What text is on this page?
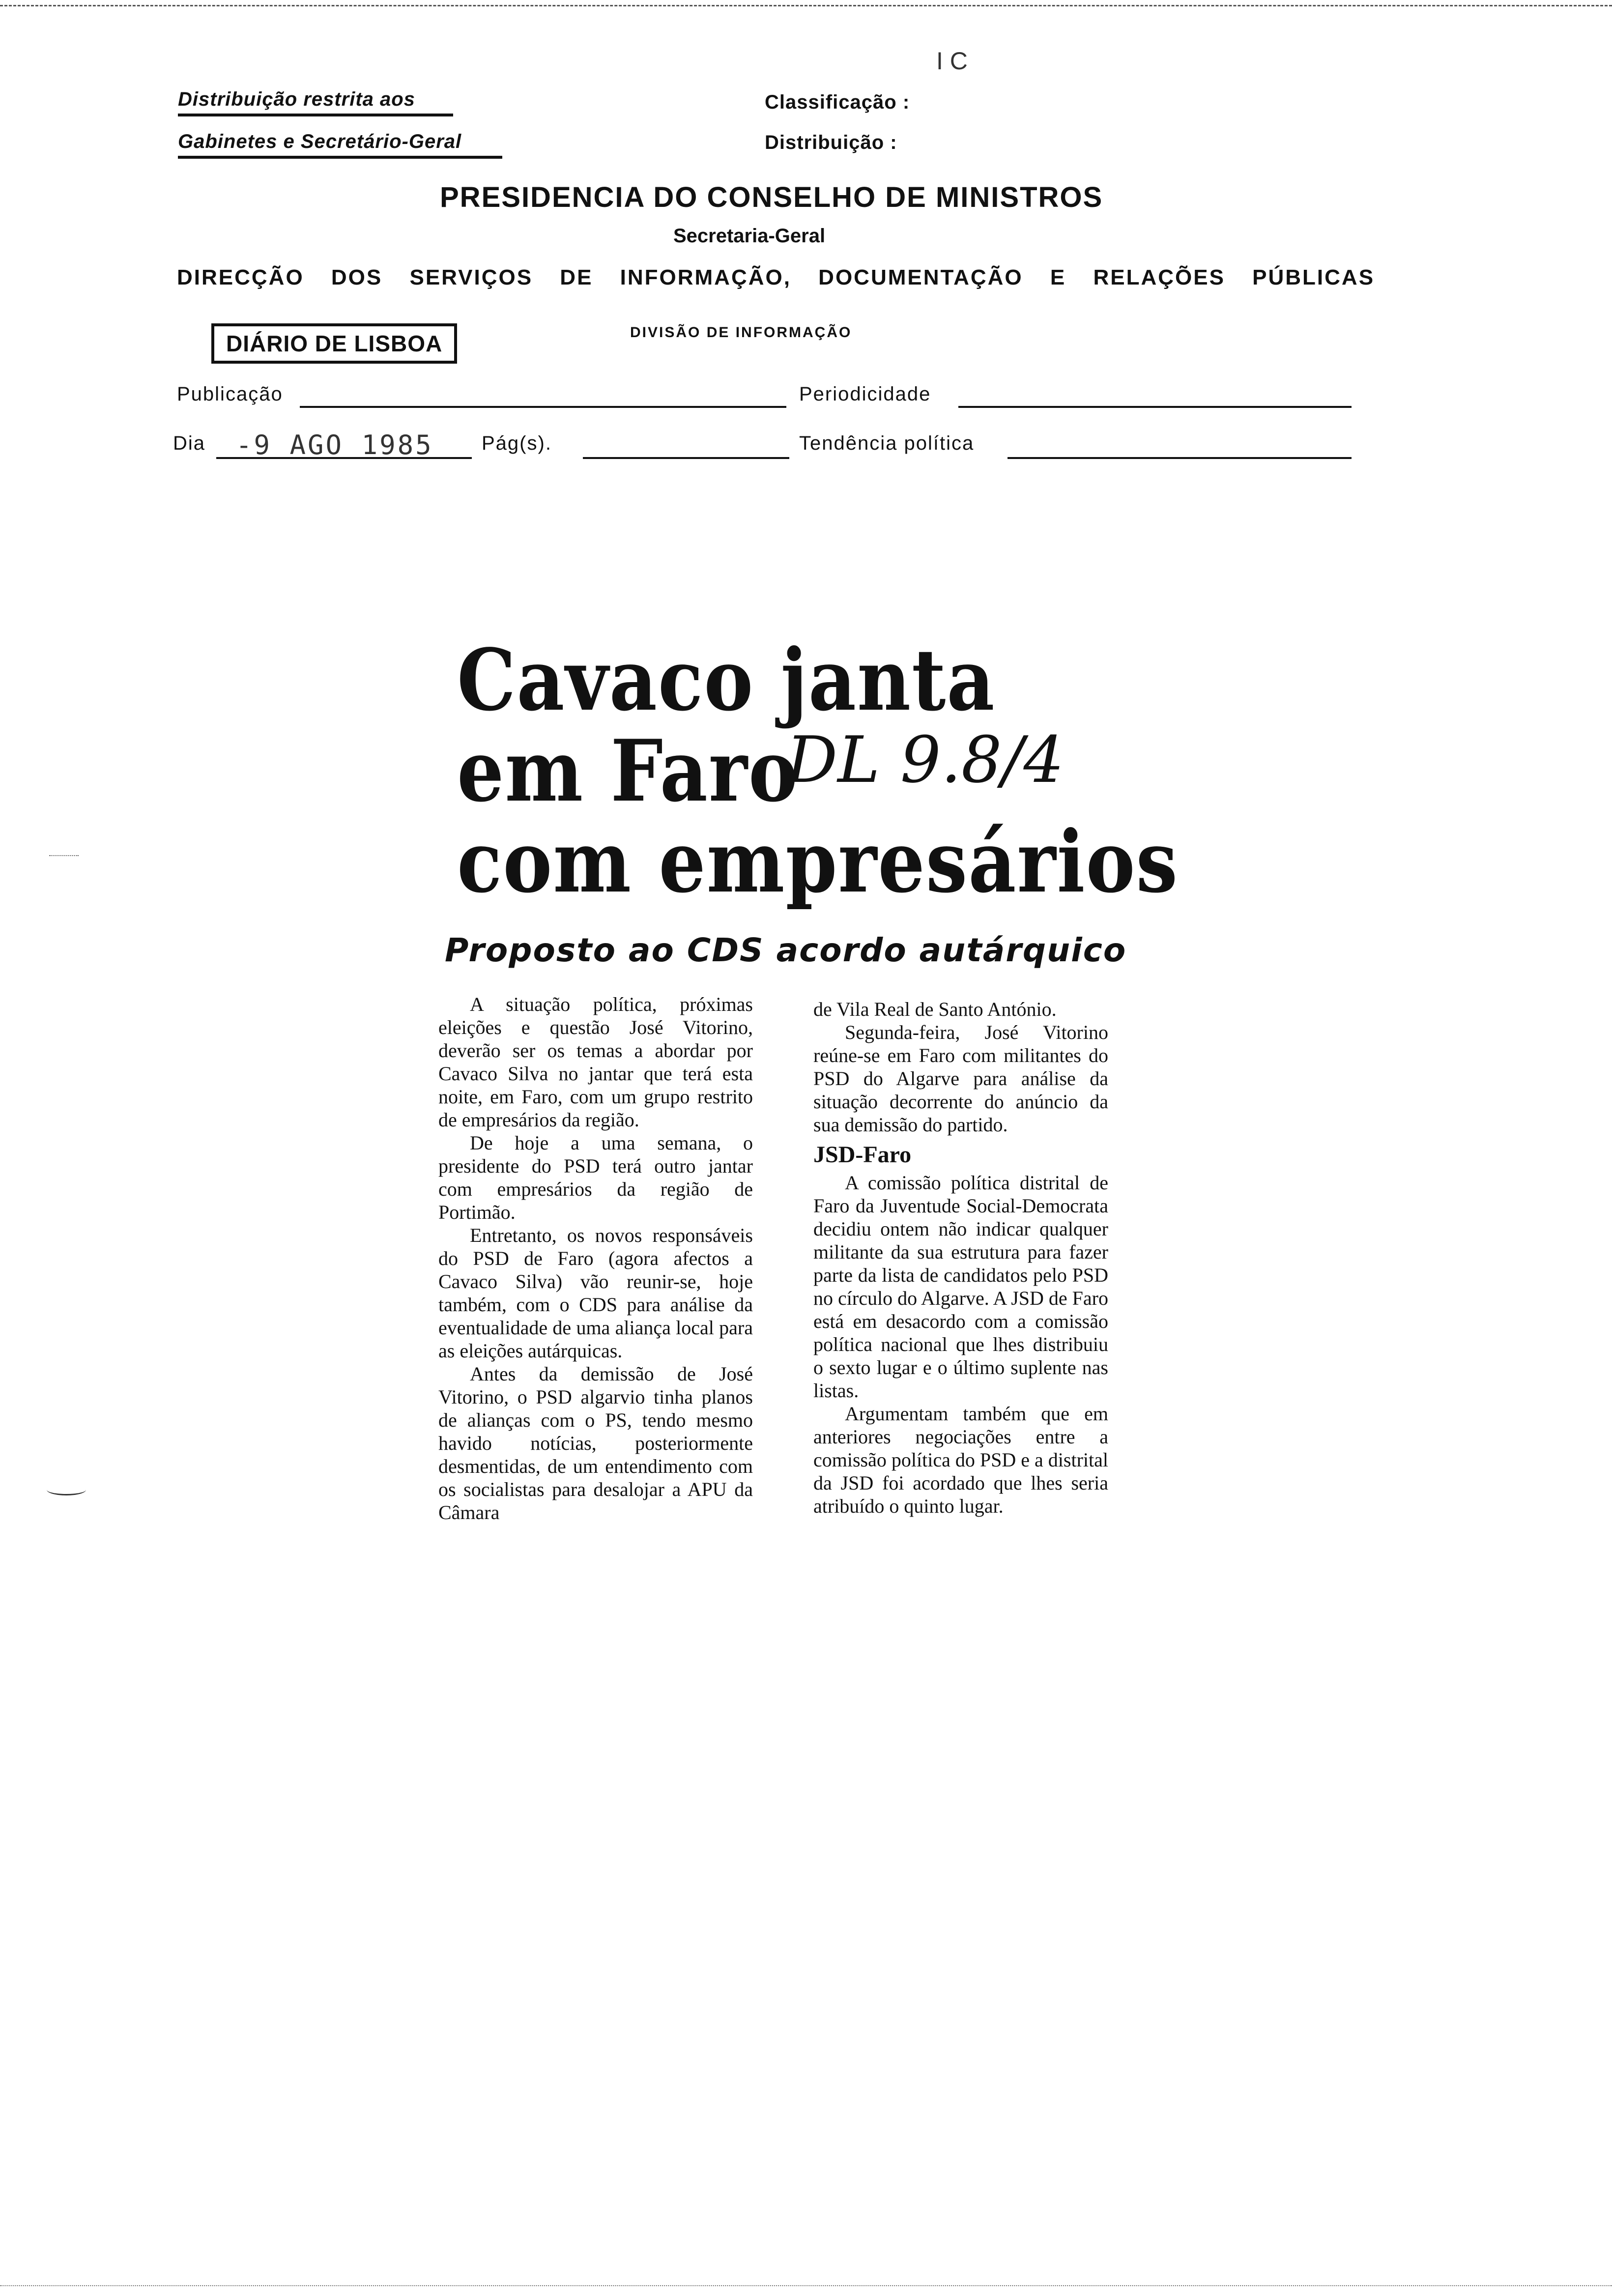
I C
Distribuição restrita aos
Gabinetes e Secretário-Geral
Classificação :
Distribuição :
PRESIDENCIA DO CONSELHO DE MINISTROS
Secretaria-Geral
DIRECÇÃO DOS SERVIÇOS DE INFORMAÇÃO, DOCUMENTAÇÃO E RELAÇÕES PÚBLICAS
DIÁRIO DE LISBOA	DIVISÃO DE INFORMAÇÃO
Publicação	Periodicidade
Dia -9 AGO 1985 Pág(s).	Tendência política
Cavaco janta
em Faro
DL 9.8/4
com empresários
Proposto ao CDS acordo autárquico

A situação política, próximas eleições e questão José Vitorino, deverão ser os temas a abordar por Cavaco Silva no jantar que terá esta noite, em Faro, com um grupo restrito de empresários da região.

De hoje a uma semana, o presidente do PSD terá outro jantar com empresários da região de Portimão.

Entretanto, os novos responsáveis do PSD de Faro (agora afectos a Cavaco Silva) vão reunir-se, hoje também, com o CDS para análise da eventualidade de uma aliança local para as eleições autárquicas.

Antes da demissão de José Vitorino, o PSD algarvio tinha planos de alianças com o PS, tendo mesmo havido notícias, posteriormente desmentidas, de um entendimento com os socialistas para desalojar a APU da Câmara

de Vila Real de Santo António.

Segunda-feira, José Vitorino reúne-se em Faro com militantes do PSD do Algarve para análise da situação decorrente do anúncio da sua demissão do partido.

JSD-Faro

A comissão política distrital de Faro da Juventude Social-Democrata decidiu ontem não indicar qualquer militante da sua estrutura para fazer parte da lista de candidatos pelo PSD no círculo do Algarve. A JSD de Faro está em desacordo com a comissão política nacional que lhes distribuiu o sexto lugar e o último suplente nas listas.

Argumentam também que em anteriores negociações entre a comissão política do PSD e a distrital da JSD foi acordado que lhes seria atribuído o quinto lugar.
